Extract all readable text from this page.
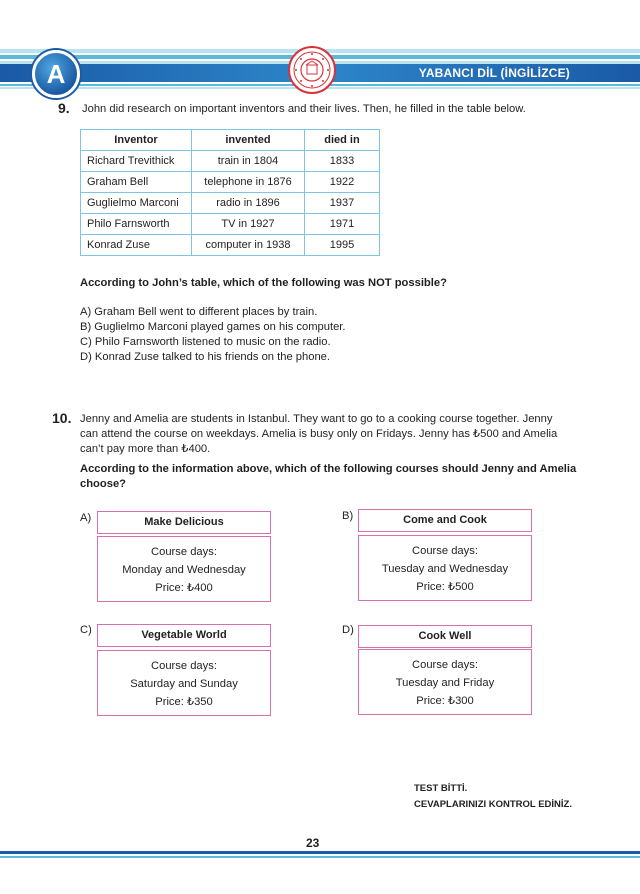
A	YABANCI DİL (İNGİLİZCE)
9. John did research on important inventors and their lives. Then, he filled in the table below.
Inventor	invented	died in
Richard Trevithick	train in 1804	1833
Graham Bell	telephone in 1876	1922
Guglielmo Marconi	radio in 1896	1937
Philo Farnsworth	TV in 1927	1971
Konrad Zuse	computer in 1938	1995
According to John’s table, which of the following was NOT possible?
A) Graham Bell went to different places by train.
B) Guglielmo Marconi played games on his computer.
C) Philo Farnsworth listened to music on the radio.
D) Konrad Zuse talked to his friends on the phone.
10. Jenny and Amelia are students in Istanbul. They want to go to a cooking course together. Jenny
can attend the course on weekdays. Amelia is busy only on Fridays. Jenny has ₺500 and Amelia
can’t pay more than ₺400.
According to the information above, which of the following courses should Jenny and Amelia
choose?
A)	Make Delicious
Course days:
Monday and Wednesday
Price: ₺400
B)	Come and Cook
Course days:
Tuesday and Wednesday
Price: ₺500
C)	Vegetable World
Course days:
Saturday and Sunday
Price: ₺350
D)	Cook Well
Course days:
Tuesday and Friday
Price: ₺300
TEST BİTTİ.
CEVAPLARINIZI KONTROL EDİNİZ.
23
